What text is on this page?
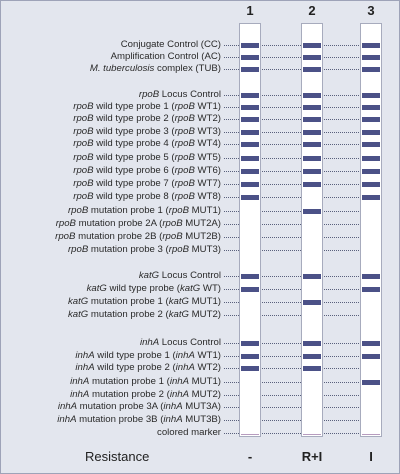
Conjugate Control (CC)
Amplification Control (AC)
M. tuberculosis complex (TUB)
rpoB Locus Control
rpoB wild type probe 1 (rpoB WT1)
rpoB wild type probe 2 (rpoB WT2)
rpoB wild type probe 3 (rpoB WT3)
rpoB wild type probe 4 (rpoB WT4)
rpoB wild type probe 5 (rpoB WT5)
rpoB wild type probe 6 (rpoB WT6)
rpoB wild type probe 7 (rpoB WT7)
rpoB wild type probe 8 (rpoB WT8)
rpoB mutation probe 1 (rpoB MUT1)
rpoB mutation probe 2A (rpoB MUT2A)
rpoB mutation probe 2B (rpoB MUT2B)
rpoB mutation probe 3 (rpoB MUT3)
katG Locus Control
katG wild type probe (katG WT)
katG mutation probe 1 (katG MUT1)
katG mutation probe 2 (katG MUT2)
inhA Locus Control
inhA wild type probe 1 (inhA WT1)
inhA wild type probe 2 (inhA WT2)
inhA mutation probe 1 (inhA MUT1)
inhA mutation probe 2 (inhA MUT2)
inhA mutation probe 3A (inhA MUT3A)
inhA mutation probe 3B (inhA MUT3B)
colored marker
1
-
2
R+I
3
I
Resistance
